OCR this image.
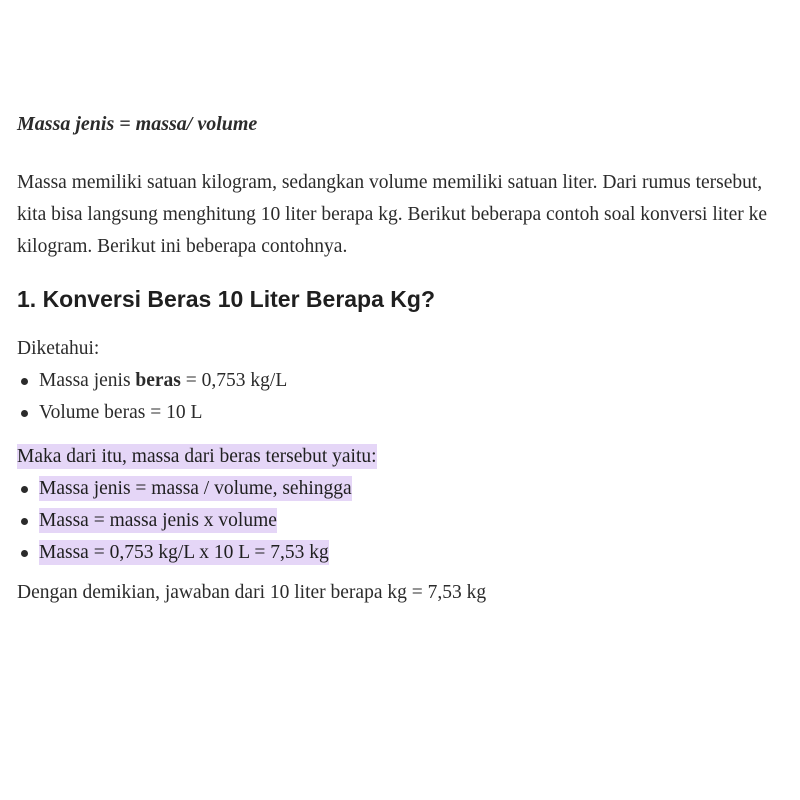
Massa jenis = massa/ volume

Massa memiliki satuan kilogram, sedangkan volume memiliki satuan liter. Dari rumus tersebut, kita bisa langsung menghitung 10 liter berapa kg. Berikut beberapa contoh soal konversi liter ke kilogram. Berikut ini beberapa contohnya.

1. Konversi Beras 10 Liter Berapa Kg?

Diketahui:

Massa jenis beras = 0,753 kg/L
Volume beras = 10 L

Maka dari itu, massa dari beras tersebut yaitu:

Massa jenis = massa / volume, sehingga
Massa = massa jenis x volume
Massa = 0,753 kg/L x 10 L = 7,53 kg

Dengan demikian, jawaban dari 10 liter berapa kg = 7,53 kg
